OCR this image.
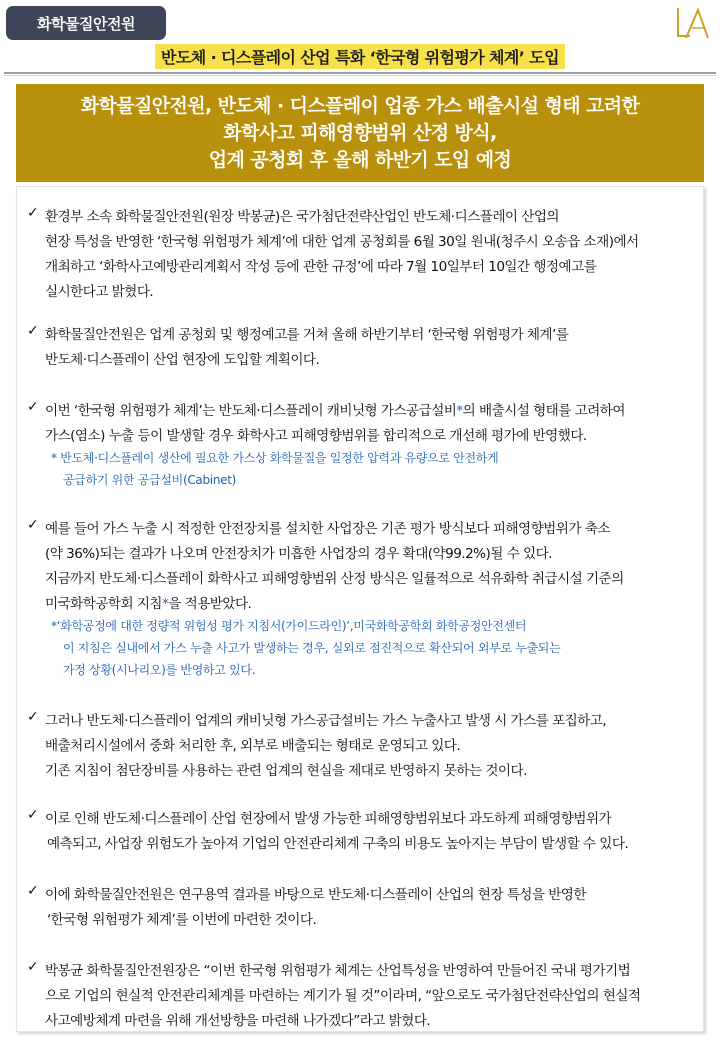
화학물질안전원
반도체 · 디스플레이 산업 특화 ‘한국형 위험평가 체계’ 도입
화학물질안전원, 반도체 · 디스플레이 업종 가스 배출시설 형태 고려한
화학사고 피해영향범위 산정 방식,
업계 공청회 후 올해 하반기 도입 예정
✓ 환경부 소속 화학물질안전원(원장 박봉균)은 국가첨단전략산업인 반도체·디스플레이 산업의
현장 특성을 반영한 ‘한국형 위험평가 체계’에 대한 업계 공청회를 6월 30일 원내(청주시 오송읍 소재)에서
개최하고 ‘화학사고예방관리계획서 작성 등에 관한 규정’에 따라 7월 10일부터 10일간 행정예고를
실시한다고 밝혔다.
✓ 화학물질안전원은 업계 공청회 및 행정예고를 거쳐 올해 하반기부터 ‘한국형 위험평가 체계’를
반도체·디스플레이 산업 현장에 도입할 계획이다.
✓ 이번 ‘한국형 위험평가 체계’는 반도체·디스플레이 캐비닛형 가스공급설비*의 배출시설 형태를 고려하여
가스(염소) 누출 등이 발생할 경우 화학사고 피해영향범위를 합리적으로 개선해 평가에 반영했다.
* 반도체·디스플레이 생산에 필요한 가스상 화학물질을 일정한 압력과 유량으로 안전하게
공급하기 위한 공급설비(Cabinet)
✓ 예를 들어 가스 누출 시 적정한 안전장치를 설치한 사업장은 기존 평가 방식보다 피해영향범위가 축소
(약 36%)되는 결과가 나오며 안전장치가 미흡한 사업장의 경우 확대(약99.2%)될 수 있다.
지금까지 반도체·디스플레이 화학사고 피해영향범위 산정 방식은 일률적으로 석유화학 취급시설 기준의
미국화학공학회 지침*을 적용받았다.
*‘화학공정에 대한 정량적 위험성 평가 지침서(가이드라인)’,미국화학공학회 화학공정안전센터
이 지침은 실내에서 가스 누출 사고가 발생하는 경우, 실외로 점진적으로 확산되어 외부로 누출되는
가정 상황(시나리오)를 반영하고 있다.
✓ 그러나 반도체·디스플레이 업계의 캐비닛형 가스공급설비는 가스 누출사고 발생 시 가스를 포집하고,
배출처리시설에서 중화 처리한 후, 외부로 배출되는 형태로 운영되고 있다.
기존 지침이 첨단장비를 사용하는 관련 업계의 현실을 제대로 반영하지 못하는 것이다.
✓ 이로 인해 반도체·디스플레이 산업 현장에서 발생 가능한 피해영향범위보다 과도하게 피해영향범위가
예측되고, 사업장 위험도가 높아져 기업의 안전관리체계 구축의 비용도 높아지는 부담이 발생할 수 있다.
✓ 이에 화학물질안전원은 연구용역 결과를 바탕으로 반도체·디스플레이 산업의 현장 특성을 반영한
‘한국형 위험평가 체계’를 이번에 마련한 것이다.
✓ 박봉균 화학물질안전원장은 “이번 한국형 위험평가 체계는 산업특성을 반영하여 만들어진 국내 평가기법
으로 기업의 현실적 안전관리체계를 마련하는 계기가 될 것”이라며, “앞으로도 국가첨단전략산업의 현실적
사고예방체계 마련을 위해 개선방향을 마련해 나가겠다”라고 밝혔다.
